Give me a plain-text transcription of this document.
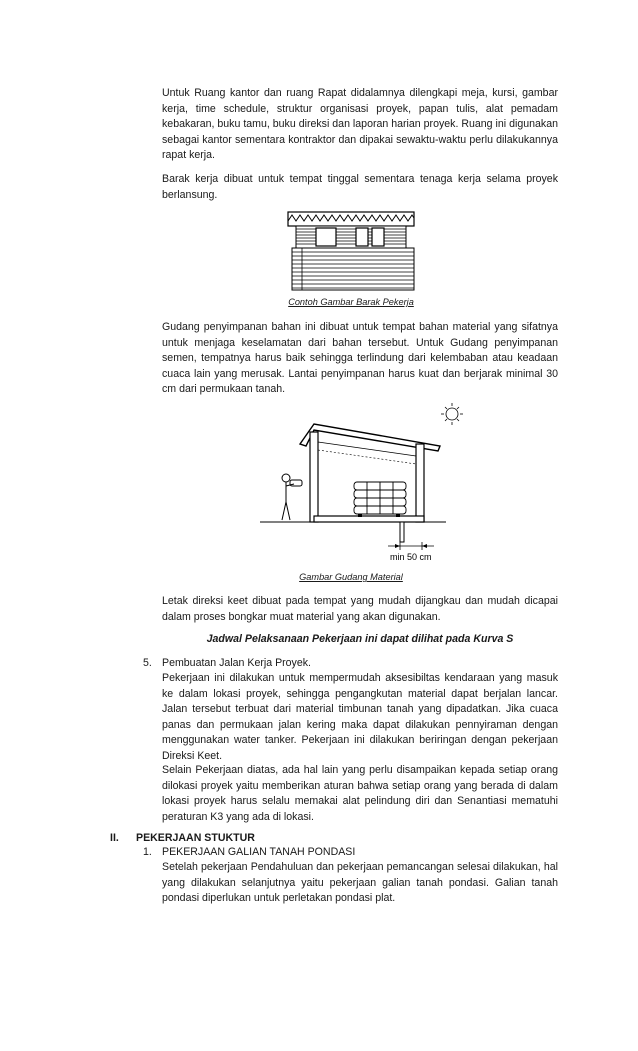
Untuk Ruang kantor dan ruang Rapat didalamnya dilengkapi meja, kursi, gambar kerja, time schedule, struktur organisasi proyek, papan tulis, alat pemadam kebakaran, buku tamu, buku direksi dan laporan harian proyek. Ruang ini digunakan sebagai kantor sementara kontraktor dan dipakai sewaktu-waktu perlu dilakukannya rapat kerja.

Barak kerja dibuat untuk tempat tinggal sementara tenaga kerja selama proyek berlansung.

Contoh Gambar Barak Pekerja

Gudang penyimpanan bahan ini dibuat untuk tempat bahan material yang sifatnya untuk menjaga keselamatan dari bahan tersebut. Untuk Gudang penyimpanan semen, tempatnya harus baik sehingga terlindung dari kelembaban atau keadaan cuaca lain yang merusak. Lantai penyimpanan harus kuat dan berjarak minimal 30 cm dari permukaan tanah.

min 50 cm

Gambar Gudang Material

Letak direksi keet dibuat pada tempat yang mudah dijangkau dan mudah dicapai dalam proses bongkar muat material yang akan digunakan.

Jadwal Pelaksanaan Pekerjaan ini dapat dilihat pada Kurva S

5. Pembuatan Jalan Kerja Proyek.

Pekerjaan ini dilakukan untuk mempermudah aksesibiltas kendaraan yang masuk ke dalam lokasi proyek, sehingga pengangkutan material dapat berjalan lancar. Jalan tersebut terbuat dari material timbunan tanah yang dipadatkan. Jika cuaca panas dan permukaan jalan kering maka dapat dilakukan pennyiraman dengan menggunakan water tanker. Pekerjaan ini dilakukan beriringan dengan pekerjaan Direksi Keet.

Selain Pekerjaan diatas, ada hal lain yang perlu disampaikan kepada setiap orang dilokasi proyek yaitu memberikan aturan bahwa setiap orang yang berada di dalam lokasi proyek harus selalu memakai alat pelindung diri dan Senantiasi mematuhi peraturan K3 yang ada di lokasi.

II. PEKERJAAN STUKTUR
1. PEKERJAAN GALIAN TANAH PONDASI

Setelah pekerjaan Pendahuluan dan pekerjaan pemancangan selesai dilakukan, hal yang dilakukan selanjutnya yaitu pekerjaan galian tanah pondasi. Galian tanah pondasi diperlukan untuk perletakan pondasi plat.
